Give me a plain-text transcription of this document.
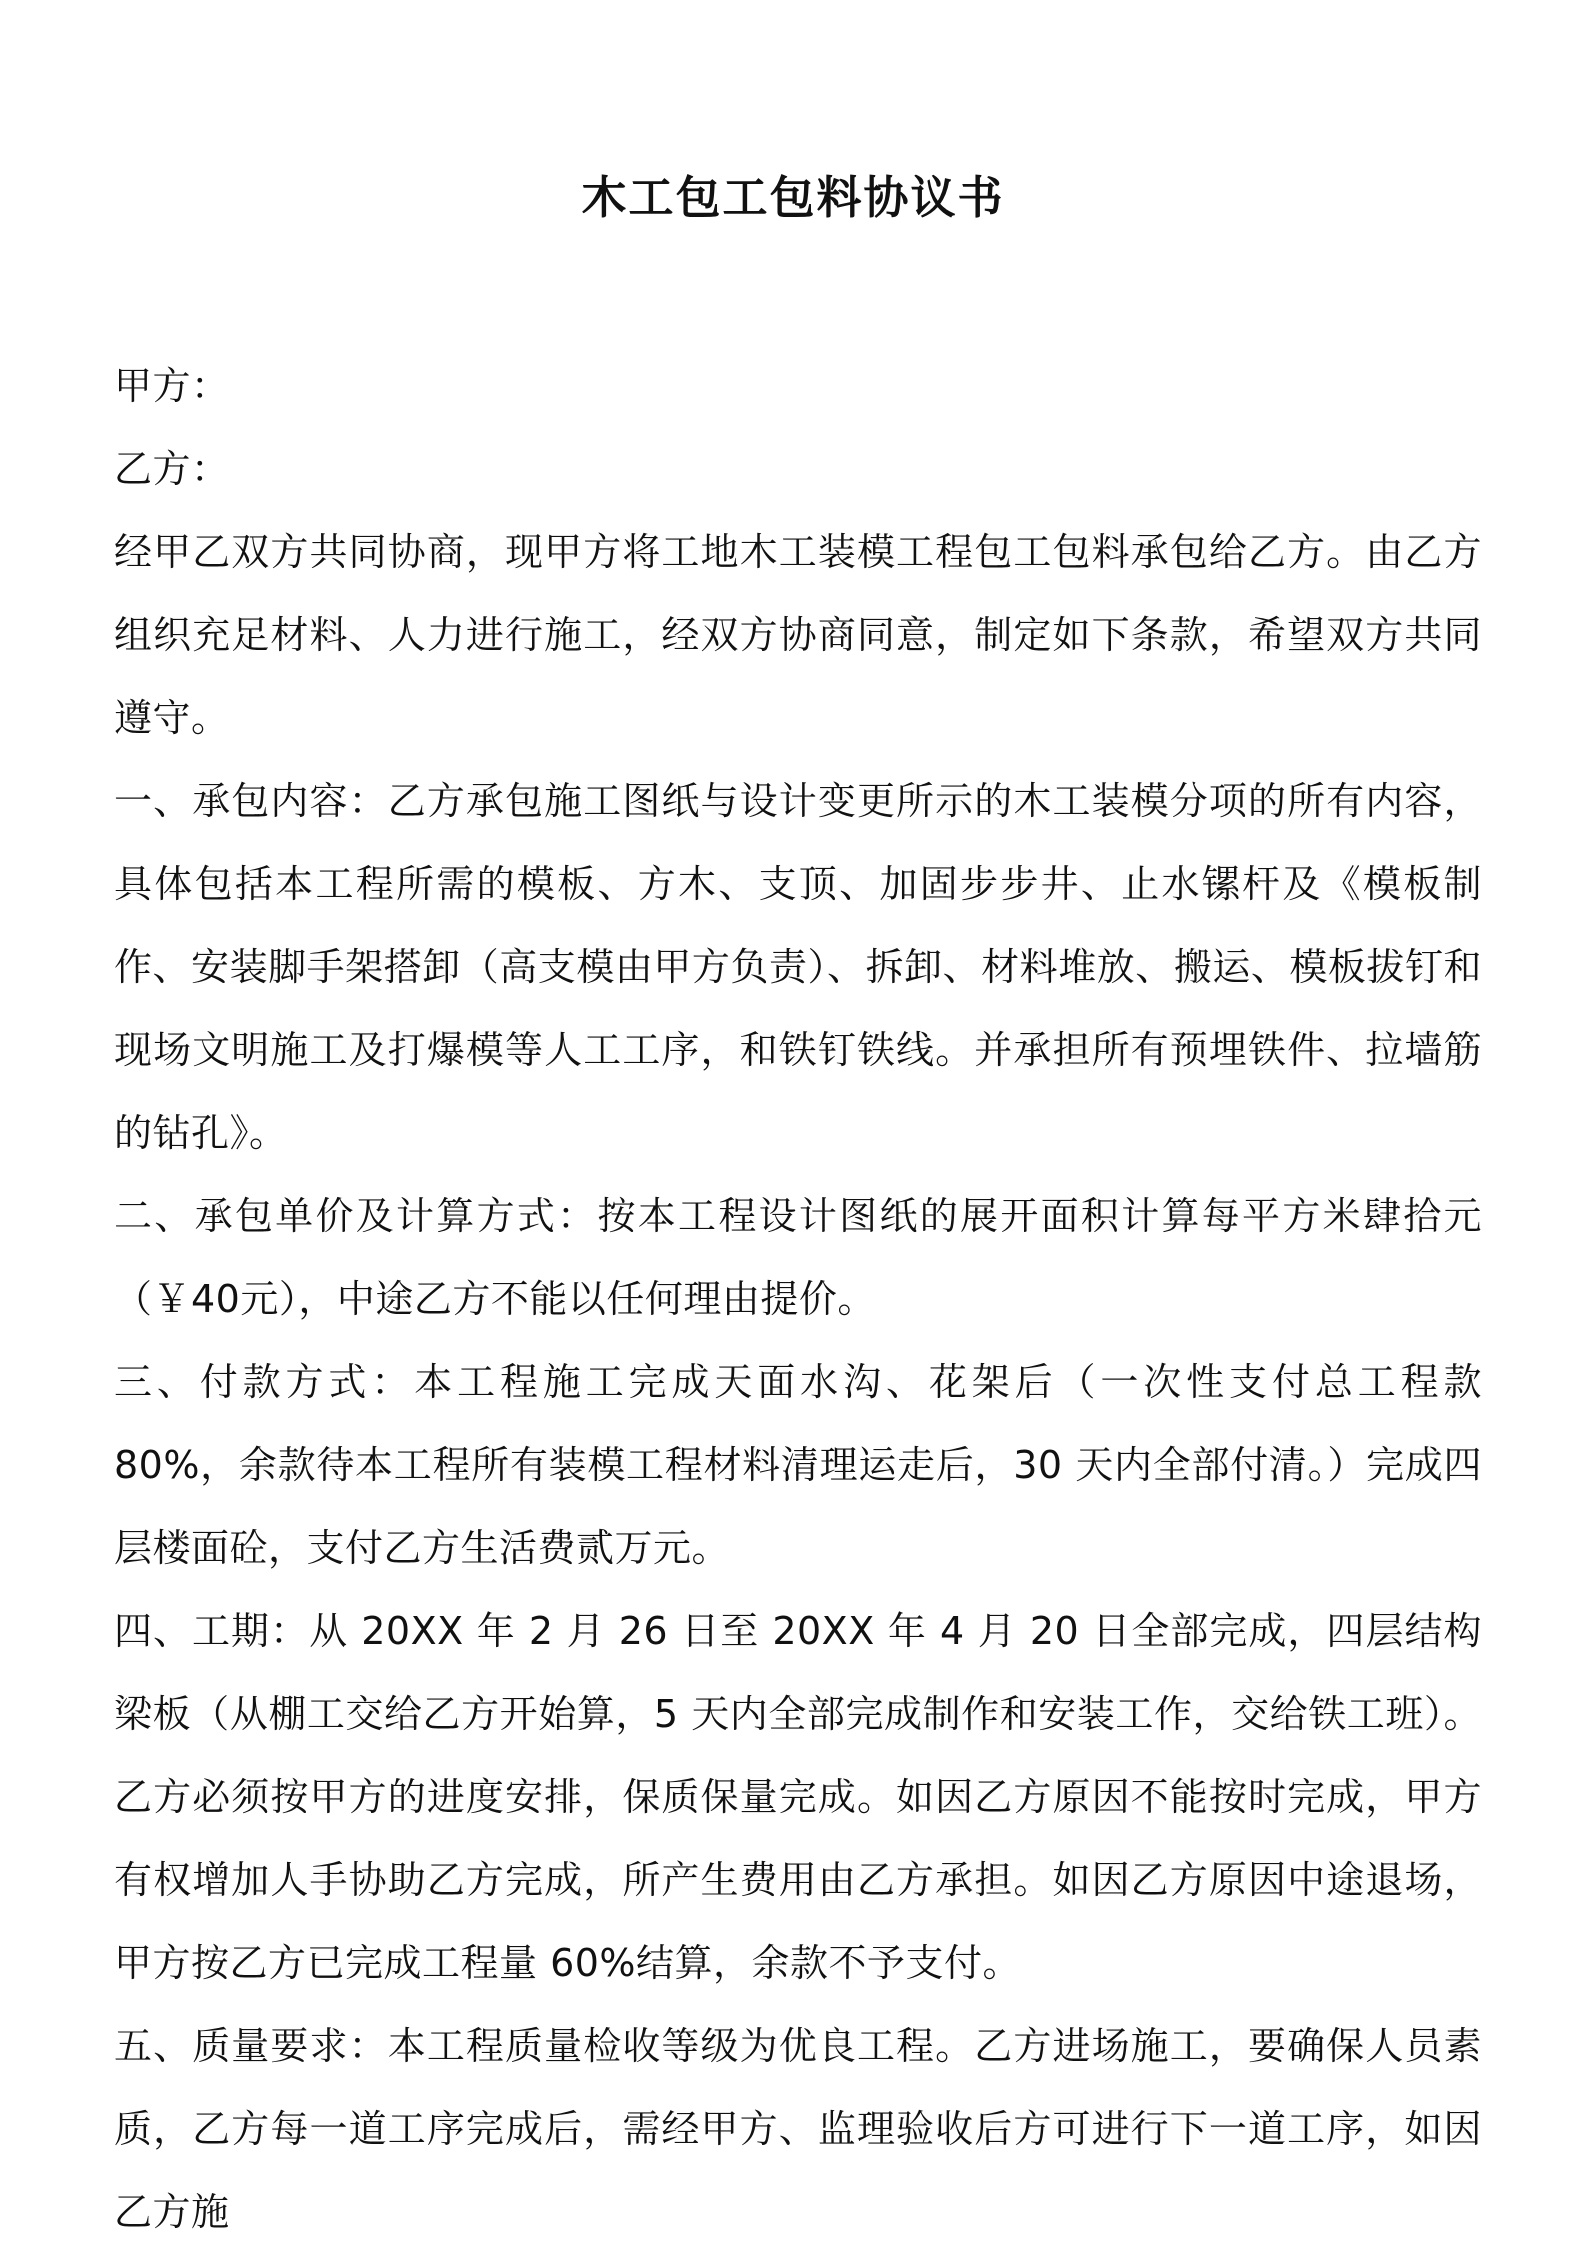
木工包工包料协议书

甲方：

乙方：

经甲乙双方共同协商，现甲方将工地木工装模工程包工包料承包给乙方。由乙方组织充足材料、人力进行施工，经双方协商同意，制定如下条款，希望双方共同遵守。

一、承包内容：乙方承包施工图纸与设计变更所示的木工装模分项的所有内容，具体包括本工程所需的模板、方木、支顶、加固步步井、止水镙杆及《模板制作、安装脚手架搭卸（高支模由甲方负责）、拆卸、材料堆放、搬运、模板拔钉和现场文明施工及打爆模等人工工序，和铁钉铁线。并承担所有预埋铁件、拉墙筋的钻孔》。

二、承包单价及计算方式：按本工程设计图纸的展开面积计算每平方米肆拾元（￥40元），中途乙方不能以任何理由提价。

三、付款方式：本工程施工完成天面水沟、花架后（一次性支付总工程款 80%，余款待本工程所有装模工程材料清理运走后，30 天内全部付清。）完成四层楼面砼，支付乙方生活费贰万元。

四、工期：从 20XX 年 2 月 26 日至 20XX 年 4 月 20 日全部完成，四层结构梁板（从棚工交给乙方开始算，5 天内全部完成制作和安装工作，交给铁工班）。乙方必须按甲方的进度安排，保质保量完成。如因乙方原因不能按时完成，甲方有权增加人手协助乙方完成，所产生费用由乙方承担。如因乙方原因中途退场，甲方按乙方已完成工程量 60%结算，余款不予支付。

五、质量要求：本工程质量检收等级为优良工程。乙方进场施工，要确保人员素质，乙方每一道工序完成后，需经甲方、监理验收后方可进行下一道工序，如因乙方施
